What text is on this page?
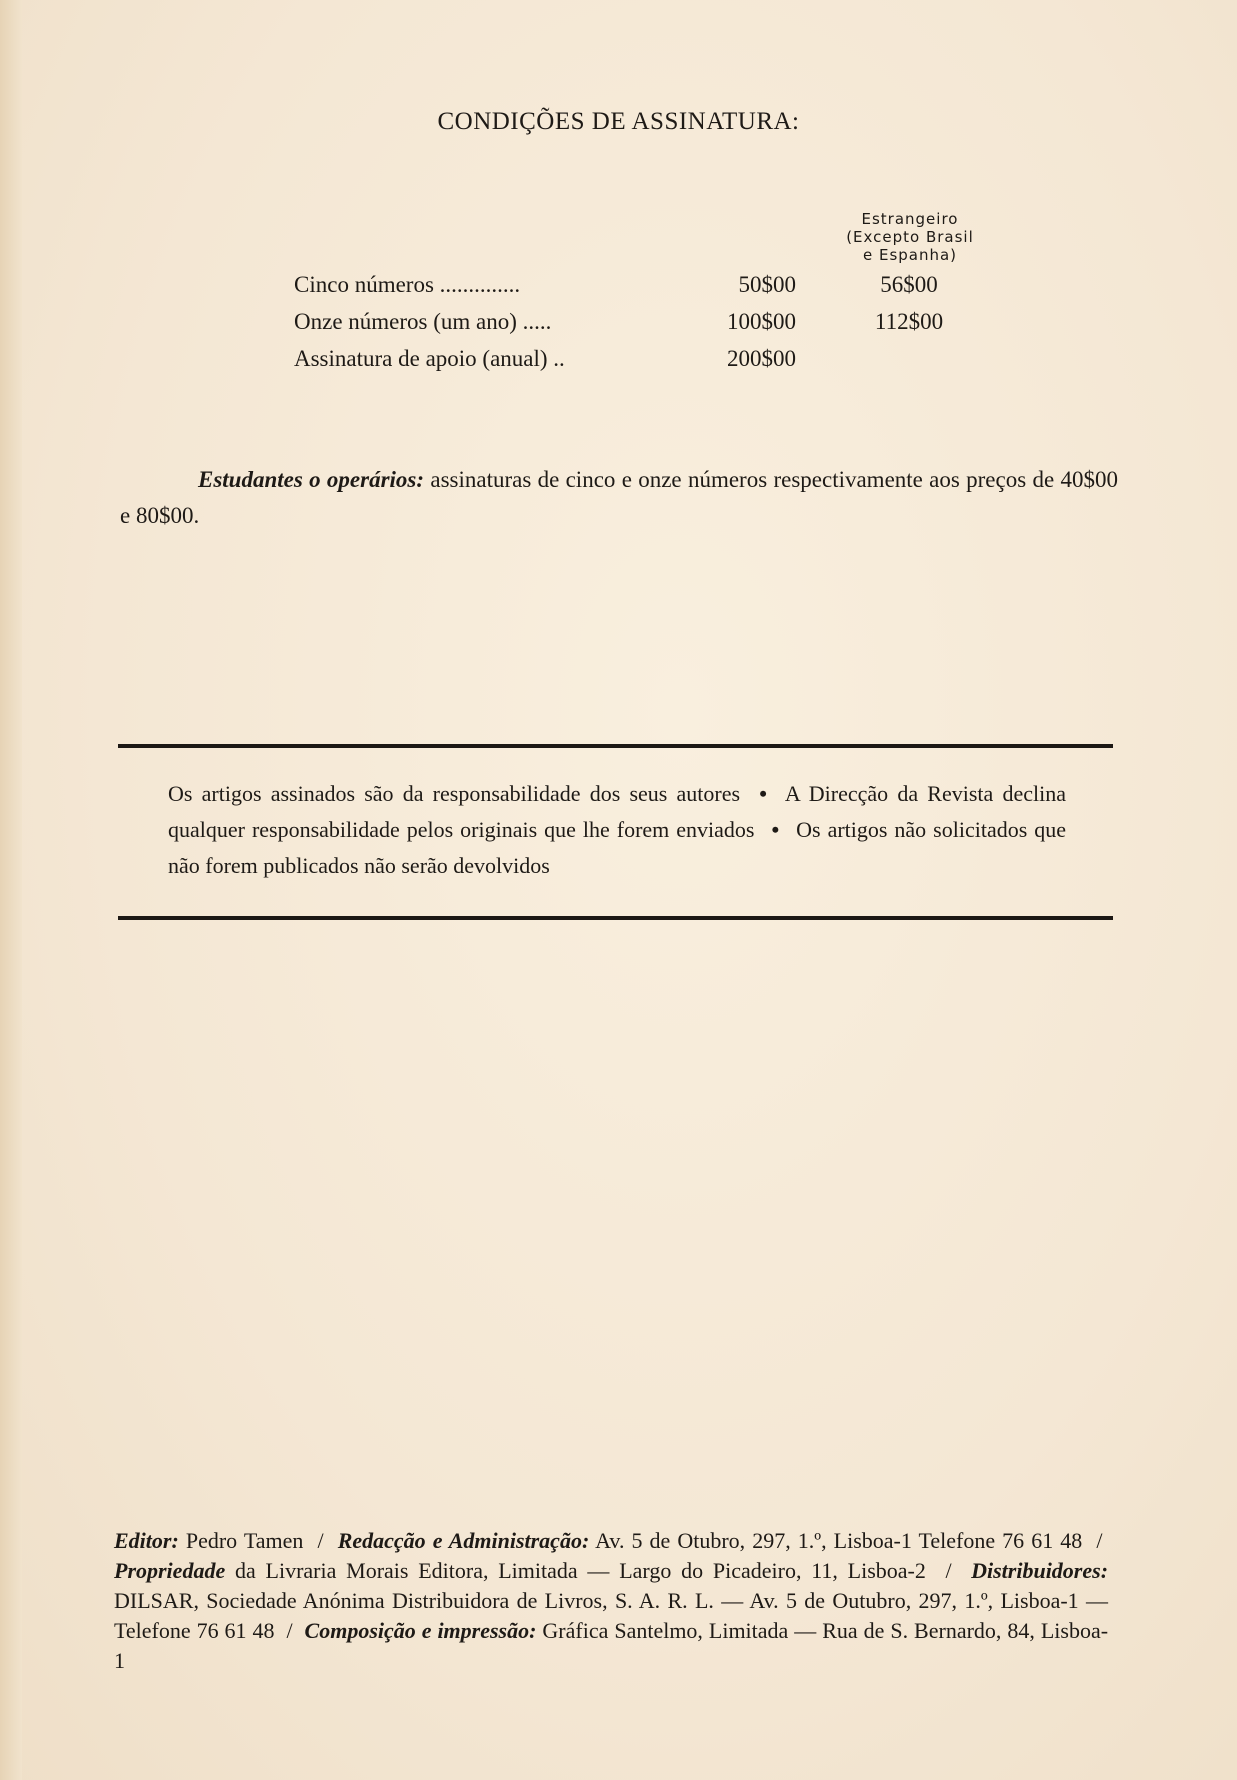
CONDIÇÕES DE ASSINATURA:
Estrangeiro
(Excepto Brasil
e Espanha)
Cinco números ..............	50$00	56$00
Onze números (um ano) .....	100$00	112$00
Assinatura de apoio (anual) ..	200$00
Estudantes o operários: assinaturas de cinco e onze números respectivamente aos preços de 40$00 e 80$00.

Os artigos assinados são da responsabilidade dos seus autores • A Direcção da Revista declina qualquer responsabilidade pelos originais que lhe forem enviados • Os artigos não solicitados que não forem publicados não serão devolvidos

Editor: Pedro Tamen / Redacção e Administração: Av. 5 de Otubro, 297, 1.º, Lisboa-1 Telefone 76 61 48 /  Propriedade da Livraria Morais Editora, Limitada — Largo do Picadeiro, 11, Lisboa-2 / Distribuidores: DILSAR, Sociedade Anónima Distribuidora de Livros, S. A. R. L. — Av. 5 de Outubro, 297, 1.º, Lisboa-1 — Telefone 76 61 48 / Composição e impressão: Gráfica Santelmo, Limitada — Rua de S. Bernardo, 84, Lisboa-1
